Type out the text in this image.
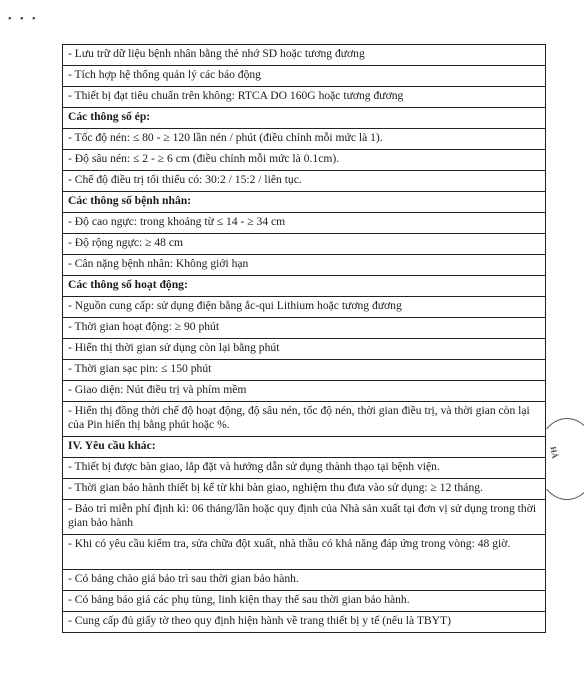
• • •
- Lưu trữ dữ liệu bệnh nhân bằng thẻ nhớ SD hoặc tương đương
- Tích hợp hệ thống quản lý các báo động
- Thiết bị đạt tiêu chuẩn trên không: RTCA DO 160G hoặc tương đương
Các thông số ép:
- Tốc độ nén: ≤ 80 - ≥ 120 lần nén / phút (điều chỉnh mỗi mức là 1).
- Độ sâu nén: ≤ 2 - ≥ 6 cm (điều chỉnh mỗi mức là 0.1cm).
- Chế độ điều trị tối thiểu có: 30:2 / 15:2 / liên tục.
Các thông số bệnh nhân:
- Độ cao ngực: trong khoảng từ ≤ 14 - ≥ 34 cm
- Độ rộng ngực: ≥ 48 cm
- Cân nặng bệnh nhân: Không giới hạn
Các thông số hoạt động:
- Nguồn cung cấp: sử dụng điện bằng ắc-qui Lithium hoặc tương đương
- Thời gian hoạt động: ≥ 90 phút
- Hiển thị thời gian sử dụng còn lại bằng phút
- Thời gian sạc pin: ≤ 150 phút
- Giao diện: Nút điều trị và phím mềm
- Hiển thị đồng thời chế độ hoạt động, độ sâu nén, tốc độ nén, thời gian điều trị, và thời gian còn lại của Pin hiển thị bằng phút hoặc %.
IV. Yêu cầu khác:
- Thiết bị được bàn giao, lắp đặt và hướng dẫn sử dụng thành thạo tại bệnh viện.
- Thời gian bảo hành thiết bị kể từ khi bàn giao, nghiệm thu đưa vào sử dụng: ≥ 12 tháng.
- Bảo trì miễn phí định kì: 06 tháng/lần hoặc quy định của Nhà sản xuất tại đơn vị sử dụng trong thời gian bảo hành
- Khi có yêu cầu kiểm tra, sửa chữa đột xuất, nhà thầu có khả năng đáp ứng trong vòng: 48 giờ.
- Có bảng chào giá bảo trì sau thời gian bảo hành.
- Có bảng báo giá các phụ tùng, linh kiện thay thế sau thời gian bảo hành.
- Cung cấp đủ giấy tờ theo quy định hiện hành về trang thiết bị y tế (nếu là TBYT)
HÀ
